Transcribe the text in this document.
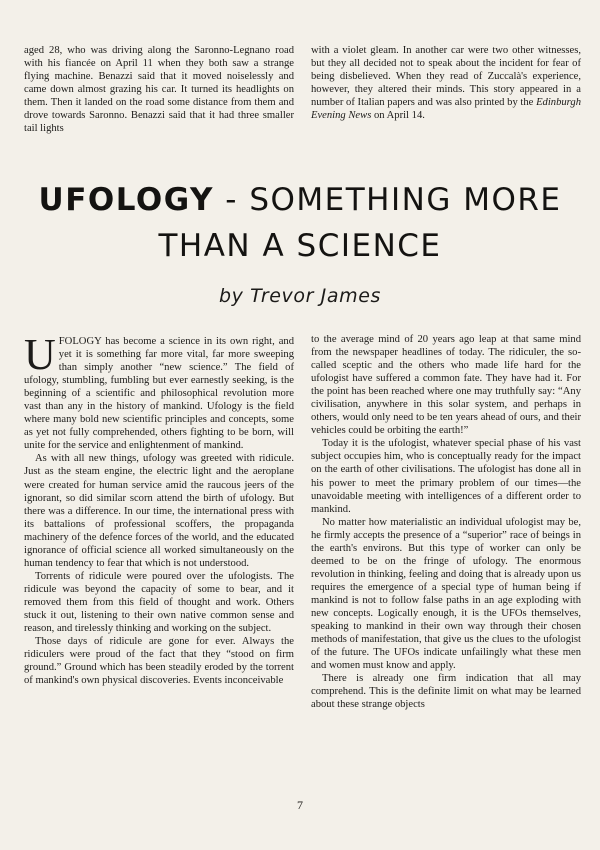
aged 28, who was driving along the Saronno-Legnano road with his fiancée on April 11 when they both saw a strange flying machine. Benazzi said that it moved noiselessly and came down almost grazing his car. It turned its headlights on them. Then it landed on the road some distance from them and drove towards Saronno. Benazzi said that it had three smaller tail lights

with a violet gleam. In another car were two other witnesses, but they all decided not to speak about the incident for fear of being disbelieved. When they read of Zuccalà's experience, however, they altered their minds. This story appeared in a number of Italian papers and was also printed by the Edinburgh Evening News on April 14.

UFOLOGY - SOMETHING MORE
THAN A SCIENCE
by Trevor James

UFOLOGY has become a science in its own right, and yet it is something far more vital, far more sweeping than simply another “new science.” The field of ufology, stumbling, fumbling but ever earnestly seeking, is the beginning of a scientific and philosophical revolution more vast than any in the history of mankind. Ufology is the field where many bold new scientific principles and concepts, some as yet not fully comprehended, others fighting to be born, will unite for the service and enlightenment of mankind.

As with all new things, ufology was greeted with ridicule. Just as the steam engine, the electric light and the aeroplane were created for human service amid the raucous jeers of the ignorant, so did similar scorn attend the birth of ufology. But there was a difference. In our time, the international press with its battalions of professional scoffers, the propaganda machinery of the defence forces of the world, and the educated ignorance of official science all worked simultaneously on the human tendency to fear that which is not understood.

Torrents of ridicule were poured over the ufologists. The ridicule was beyond the capacity of some to bear, and it removed them from this field of thought and work. Others stuck it out, listening to their own native common sense and reason, and tirelessly thinking and working on the subject.

Those days of ridicule are gone for ever. Always the ridiculers were proud of the fact that they “stood on firm ground.” Ground which has been steadily eroded by the torrent of mankind's own physical discoveries. Events inconceivable

to the average mind of 20 years ago leap at that same mind from the newspaper headlines of today. The ridiculer, the so-called sceptic and the others who made life hard for the ufologist have suffered a common fate. They have had it. For the point has been reached where one may truthfully say: “Any civilisation, anywhere in this solar system, and perhaps in others, would only need to be ten years ahead of ours, and their vehicles could be orbiting the earth!”

Today it is the ufologist, whatever special phase of his vast subject occupies him, who is conceptually ready for the impact on the earth of other civilisations. The ufologist has done all in his power to meet the primary problem of our times—the unavoidable meeting with intelligences of a different order to mankind.

No matter how materialistic an individual ufologist may be, he firmly accepts the presence of a “superior” race of beings in the earth's environs. But this type of worker can only be deemed to be on the fringe of ufology. The enormous revolution in thinking, feeling and doing that is already upon us requires the emergence of a special type of human being if mankind is not to follow false paths in an age exploding with new concepts. Logically enough, it is the UFOs themselves, speaking to mankind in their own way through their chosen methods of manifestation, that give us the clues to the ufologist of the future. The UFOs indicate unfailingly what these men and women must know and apply.

There is already one firm indication that all may comprehend. This is the definite limit on what may be learned about these strange objects

7
